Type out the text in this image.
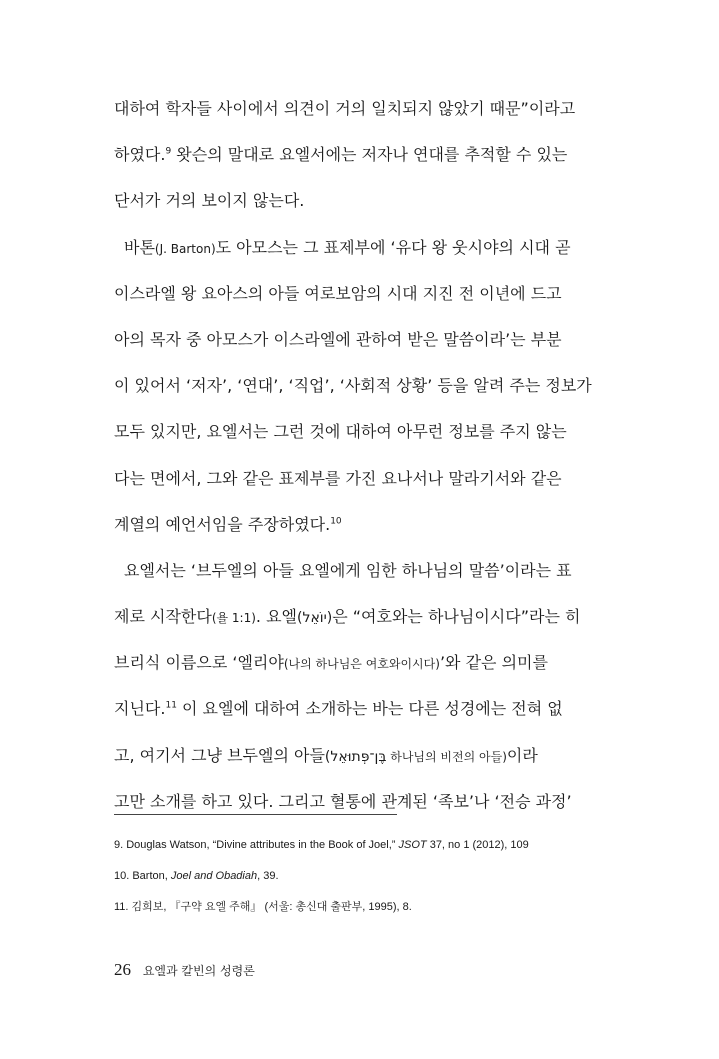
대하여 학자들 사이에서 의견이 거의 일치되지 않았기 때문”이라고
하였다.$^9$ 왓슨의 말대로 요엘서에는 저자나 연대를 추적할 수 있는
단서가 거의 보이지 않는다.
바톤(J. Barton)도 아모스는 그 표제부에 ‘유다 왕 웃시야의 시대 곧
이스라엘 왕 요아스의 아들 여로보암의 시대 지진 전 이년에 드고
아의 목자 중 아모스가 이스라엘에 관하여 받은 말씀이라’는 부분
이 있어서 ‘저자’, ‘연대’, ‘직업’, ‘사회적 상황’ 등을 알려 주는 정보가
모두 있지만, 요엘서는 그런 것에 대하여 아무런 정보를 주지 않는
다는 면에서, 그와 같은 표제부를 가진 요나서나 말라기서와 같은
계열의 예언서임을 주장하였다.$^{10}$
요엘서는 ‘브두엘의 아들 요엘에게 임한 하나님의 말씀’이라는 표
제로 시작한다(욜 1:1). 요엘(יוֹאֵל)은 “여호와는 하나님이시다”라는 히
브리식 이름으로 ‘엘리야(나의 하나님은 여호와이시다)’와 같은 의미를
지닌다.$^{11}$ 이 요엘에 대하여 소개하는 바는 다른 성경에는 전혀 없
고, 여기서 그냥 브두엘의 아들(בֶּן־פְּתוּאֵל 하나님의 비전의 아들)이라
고만 소개를 하고 있다. 그리고 혈통에 관계된 ‘족보’나 ‘전승 과정’
9. Douglas Watson, “Divine attributes in the Book of Joel,” JSOT 37, no 1 (2012), 109
10. Barton, Joel and Obadiah, 39.
11. 김희보, 『구약 요엘 주해』 (서울: 총신대 출판부, 1995), 8.
26 요엘과 칼빈의 성령론
